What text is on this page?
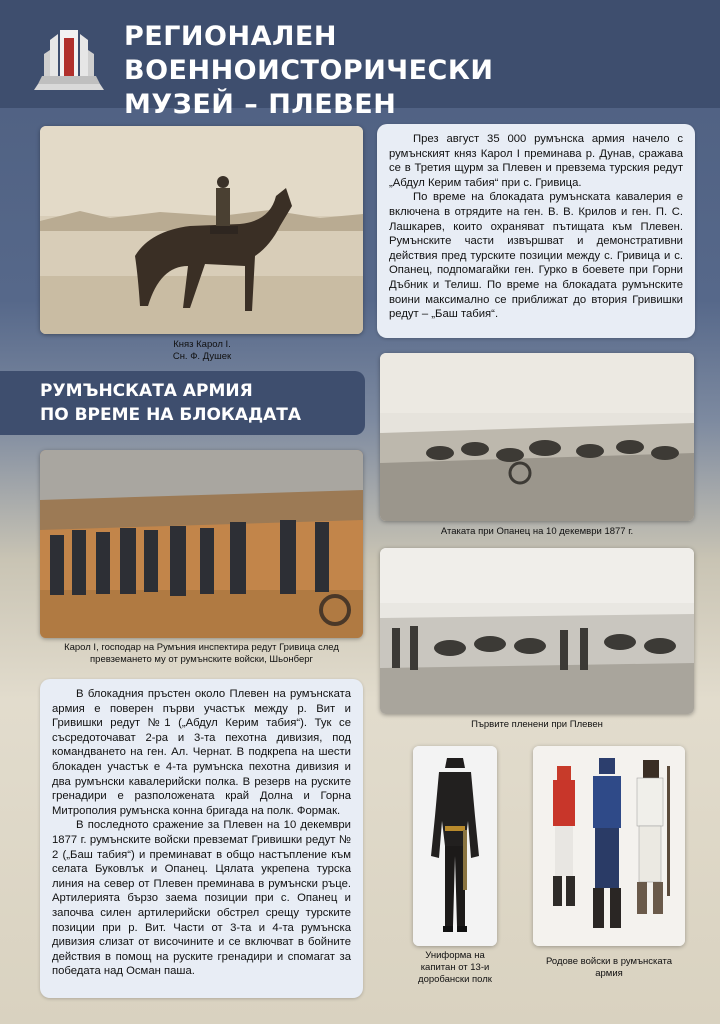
РЕГИОНАЛЕН ВОЕННОИСТОРИЧЕСКИ
МУЗЕЙ – ПЛЕВЕН
Княз Карол I.
Сн. Ф. Душек

През август 35 000 румънска армия начело с румънският княз Карол I преминава р. Дунав, сражава се в Третия щурм за Плевен и превзема турския редут „Абдул Керим табия“ при с. Гривица.

По време на блокадата румънската кавалерия е включена в отрядите на ген. В. В. Крилов и ген. П. С. Лашкарев, които охраняват пътищата към Плевен. Румънските части извършват и демонстративни действия пред турските позиции между с. Гривица и с. Опанец, подпомагайки ген. Гурко в боевете при Горни Дъбник и Телиш. По време на блокадата румънските воини максимално се приближат до втория Гривишки редут – „Баш табия“.

РУМЪНСКАТА АРМИЯ
ПО ВРЕМЕ НА БЛОКАДАТА
Атаката при Опанец на 10 декември 1877 г.
Карол I, господар на Румъния инспектира редут Гривица след превземането му от румънските войски, Шьонберг
Първите пленени при Плевен

В блокадния пръстен около Плевен на румънската армия е поверен първи участък между р. Вит и Гривишки редут №1 („Абдул Керим табия“). Тук се съсредоточават 2-ра и 3-та пехотна дивизия, под командването на ген. Ал. Чернат. В подкрепа на шести блокаден участък е 4-та румънска пехотна дивизия и два румънски кавалерийски полка. В резерв на руските гренадири е разположената край Долна и Горна Митрополия румънска конна бригада на полк. Формак.

В последното сражение за Плевен на 10 декември 1877 г. румънските войски превземат Гривишки редут № 2 („Баш табия“) и преминават в общо настъпление към селата Буковлък и Опанец. Цялата укрепена турска линия на север от Плевен преминава в румънски ръце. Артилерията бързо заема позиции при с. Опанец и започва силен артилерийски обстрел срещу турските позиции при р. Вит. Части от 3-та и 4-та румънска дивизия слизат от височините и се включват в бойните действия в помощ на руските гренадири и спомагат за победата над Осман паша.

Униформа на
капитан от 13-и
доробански полк
Родове войски в румънската
армия
